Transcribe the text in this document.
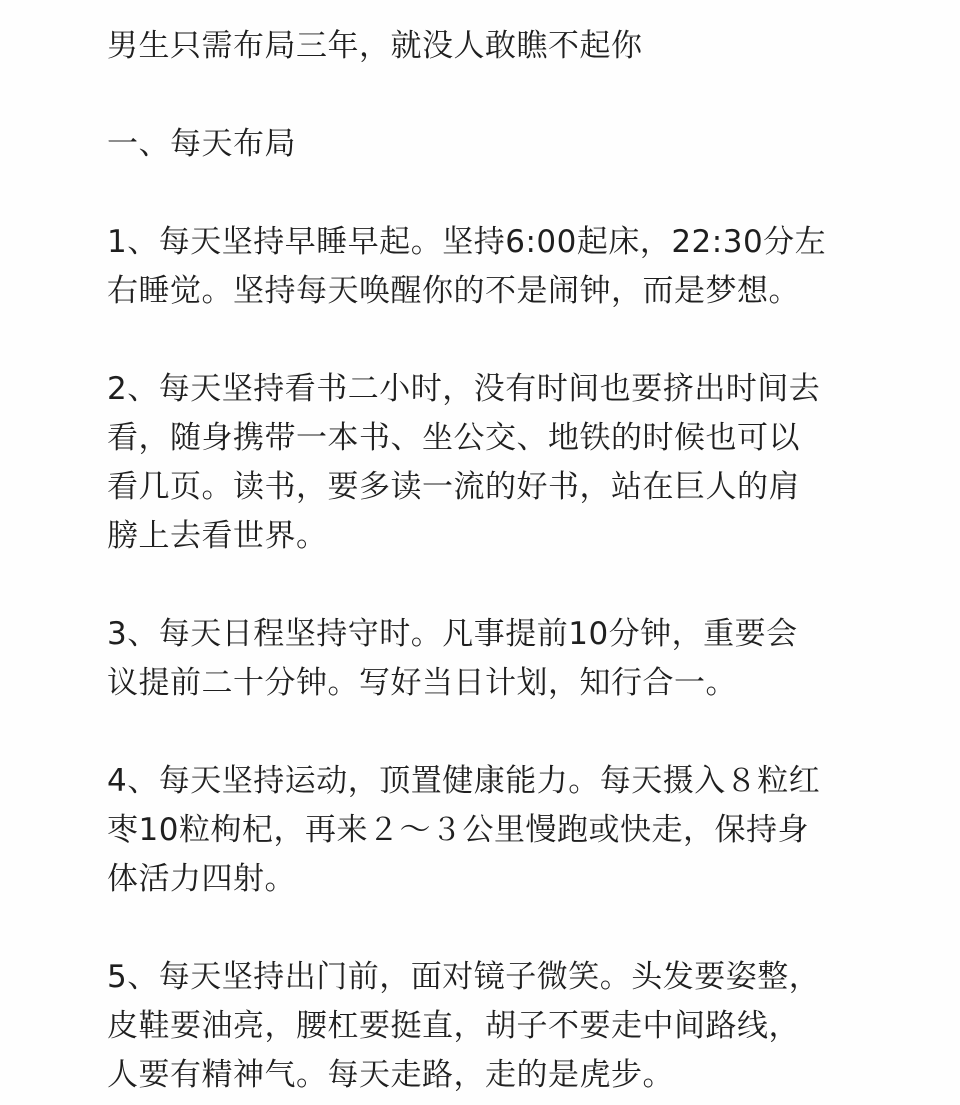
男生只需布局三年，就没人敢瞧不起你
一、每天布局
1、每天坚持早睡早起。坚持6:00起床，22:30分左
右睡觉。坚持每天唤醒你的不是闹钟，而是梦想。
2、每天坚持看书二小时，没有时间也要挤出时间去
看，随身携带一本书、坐公交、地铁的时候也可以
看几页。读书，要多读一流的好书，站在巨人的肩
膀上去看世界。
3、每天日程坚持守时。凡事提前10分钟，重要会
议提前二十分钟。写好当日计划，知行合一。
4、每天坚持运动，顶置健康能力。每天摄入８粒红
枣10粒枸杞，再来２～３公里慢跑或快走，保持身
体活力四射。
5、每天坚持出门前，面对镜子微笑。头发要姿整，
皮鞋要油亮，腰杠要挺直，胡子不要走中间路线，
人要有精神气。每天走路，走的是虎步。
